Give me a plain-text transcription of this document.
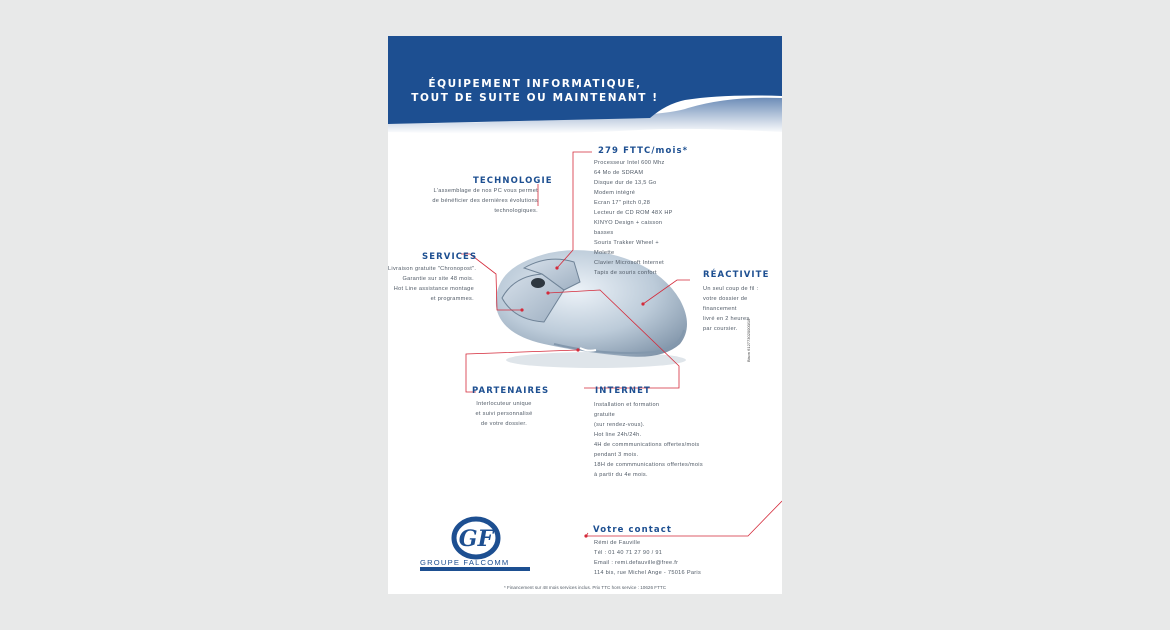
ÉQUIPEMENT INFORMATIQUE,
TOUT DE SUITE OU MAINTENANT !
279 FTTC/mois*
Processeur Intel 600 Mhz
64 Mo de SDRAM
Disque dur de 13,5 Go
Modem intégré
Ecran 17" pitch 0,28
Lecteur de CD ROM 48X HP
KINYO Design + caisson
basses
Souris Trakker Wheel +
Molette
Clavier Microsoft Internet
Tapis de souris confort
TECHNOLOGIE
L'assemblage de nos PC vous permet
de bénéficier des dernières évolutions
technologiques.
SERVICES
Livraison gratuite "Chronopost".
Garantie sur site 48 mois.
Hot Line assistance montage
et programmes.
RÉACTIVITE
Un seul coup de fil :
votre dossier de
financement
livré en 2 heures
par coursier.
PARTENAIRES
Interlocuteur unique
et suivi personnalisé
de votre dossier.
INTERNET
Installation et formation
gratuite
(sur rendez-vous).
Hot line 24h/24h.
4H de commmunications offertes/mois
pendant 3 mois.
18H de commmunications offertes/mois
à partir du 4e mois.
GF
GROUPE FALCOMM
Votre contact
Rémi de Fauville
Tél : 01 40 71 27 90 / 91
Email : remi.defauville@free.fr
114 bis, rue Michel Ange - 75016 Paris
* Financement sur 48 mois services inclus. Prix TTC hors service : 10626 FTTC
Bison 612773020000/10
